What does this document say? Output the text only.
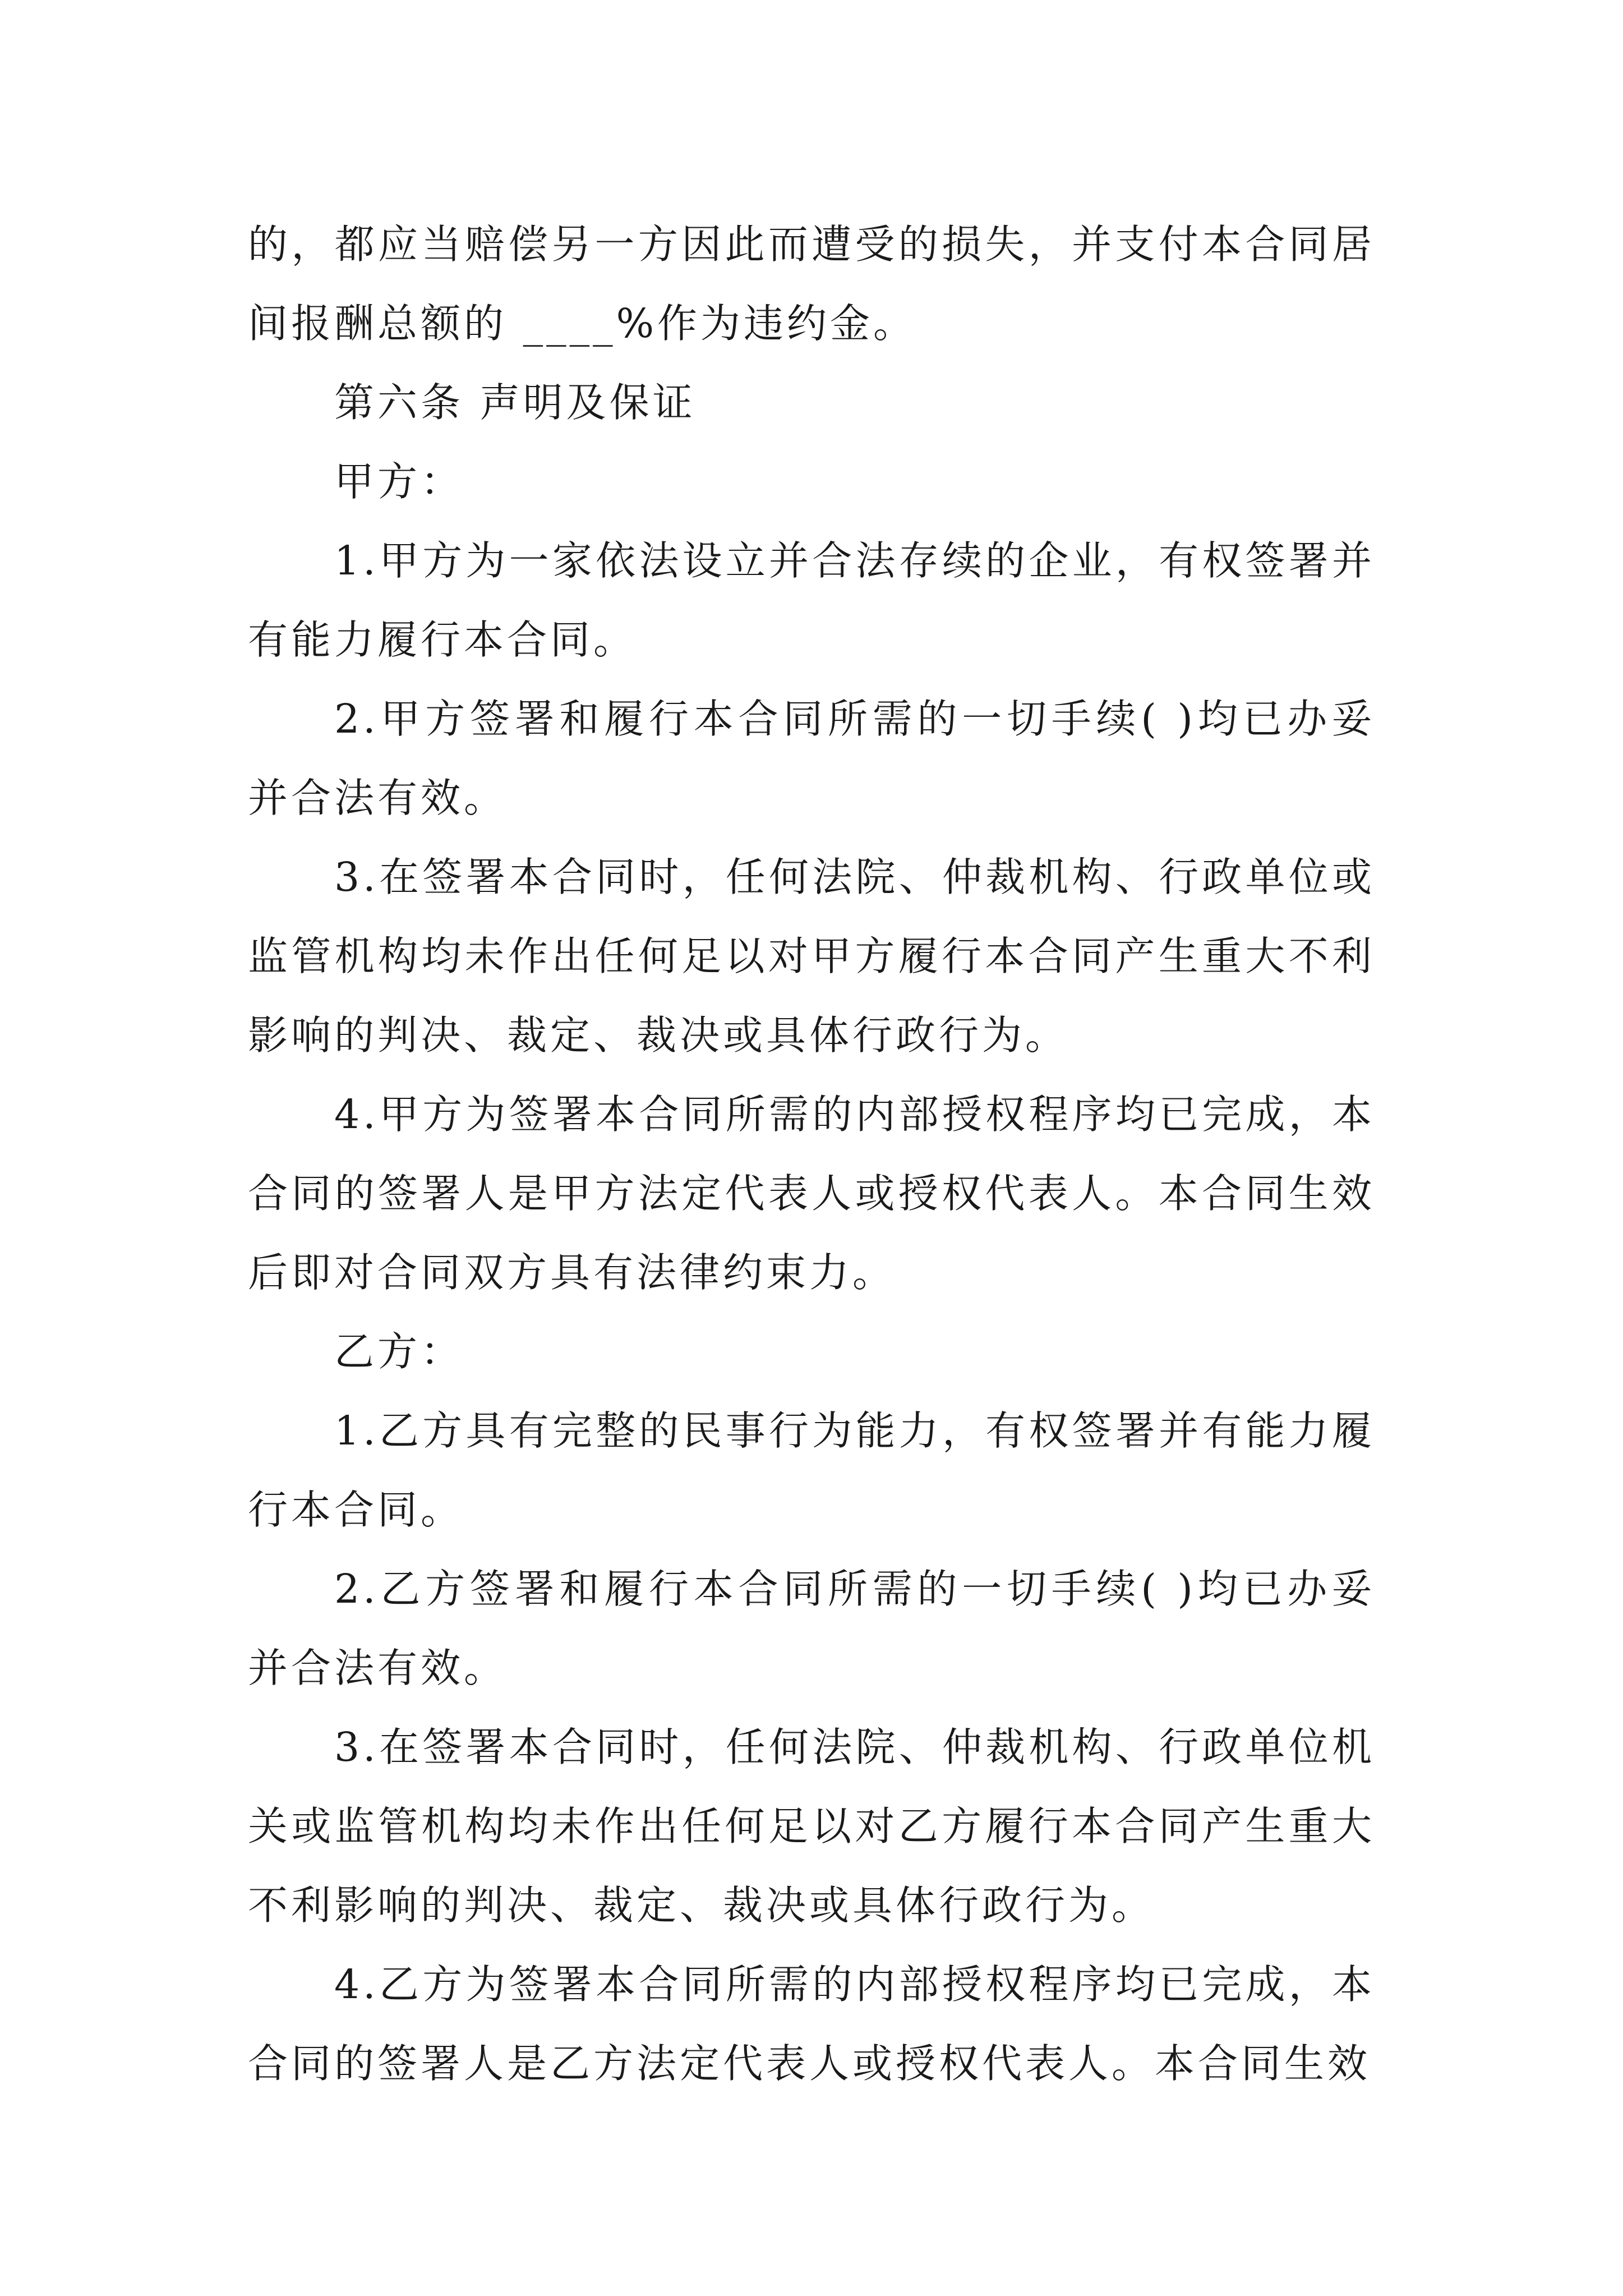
的，都应当赔偿另一方因此而遭受的损失，并支付本合同居间报酬总额的 ____%作为违约金。

第六条 声明及保证

甲方：

1.甲方为一家依法设立并合法存续的企业，有权签署并有能力履行本合同。

2.甲方签署和履行本合同所需的一切手续( )均已办妥并合法有效。

3.在签署本合同时，任何法院、仲裁机构、行政单位或监管机构均未作出任何足以对甲方履行本合同产生重大不利影响的判决、裁定、裁决或具体行政行为。

4.甲方为签署本合同所需的内部授权程序均已完成，本合同的签署人是甲方法定代表人或授权代表人。本合同生效后即对合同双方具有法律约束力。

乙方：

1.乙方具有完整的民事行为能力，有权签署并有能力履行本合同。

2.乙方签署和履行本合同所需的一切手续( )均已办妥并合法有效。

3.在签署本合同时，任何法院、仲裁机构、行政单位机关或监管机构均未作出任何足以对乙方履行本合同产生重大不利影响的判决、裁定、裁决或具体行政行为。

4.乙方为签署本合同所需的内部授权程序均已完成，本合同的签署人是乙方法定代表人或授权代表人。本合同生效
